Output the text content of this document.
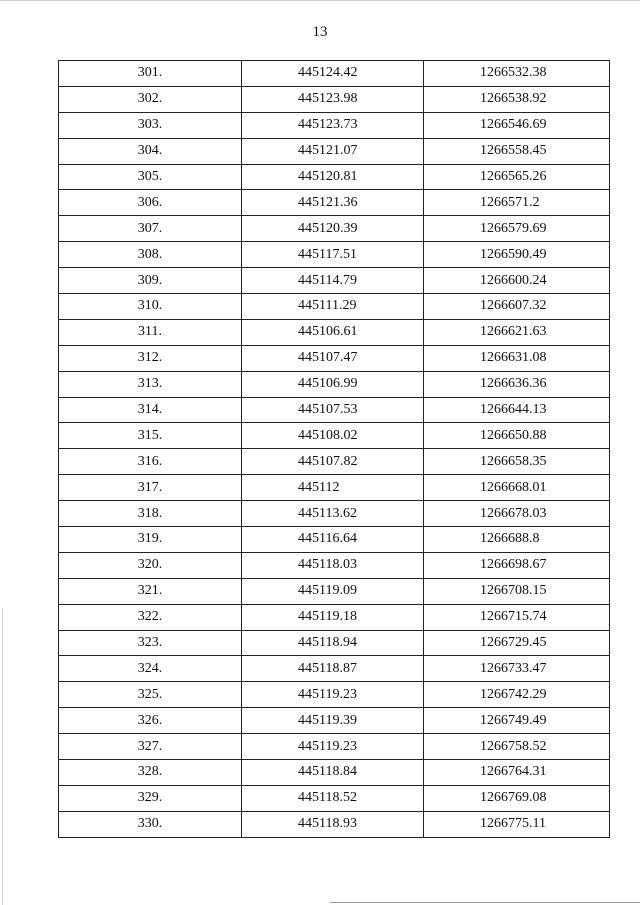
13
301.	445124.42	1266532.38
302.	445123.98	1266538.92
303.	445123.73	1266546.69
304.	445121.07	1266558.45
305.	445120.81	1266565.26
306.	445121.36	1266571.2
307.	445120.39	1266579.69
308.	445117.51	1266590.49
309.	445114.79	1266600.24
310.	445111.29	1266607.32
311.	445106.61	1266621.63
312.	445107.47	1266631.08
313.	445106.99	1266636.36
314.	445107.53	1266644.13
315.	445108.02	1266650.88
316.	445107.82	1266658.35
317.	445112	1266668.01
318.	445113.62	1266678.03
319.	445116.64	1266688.8
320.	445118.03	1266698.67
321.	445119.09	1266708.15
322.	445119.18	1266715.74
323.	445118.94	1266729.45
324.	445118.87	1266733.47
325.	445119.23	1266742.29
326.	445119.39	1266749.49
327.	445119.23	1266758.52
328.	445118.84	1266764.31
329.	445118.52	1266769.08
330.	445118.93	1266775.11
